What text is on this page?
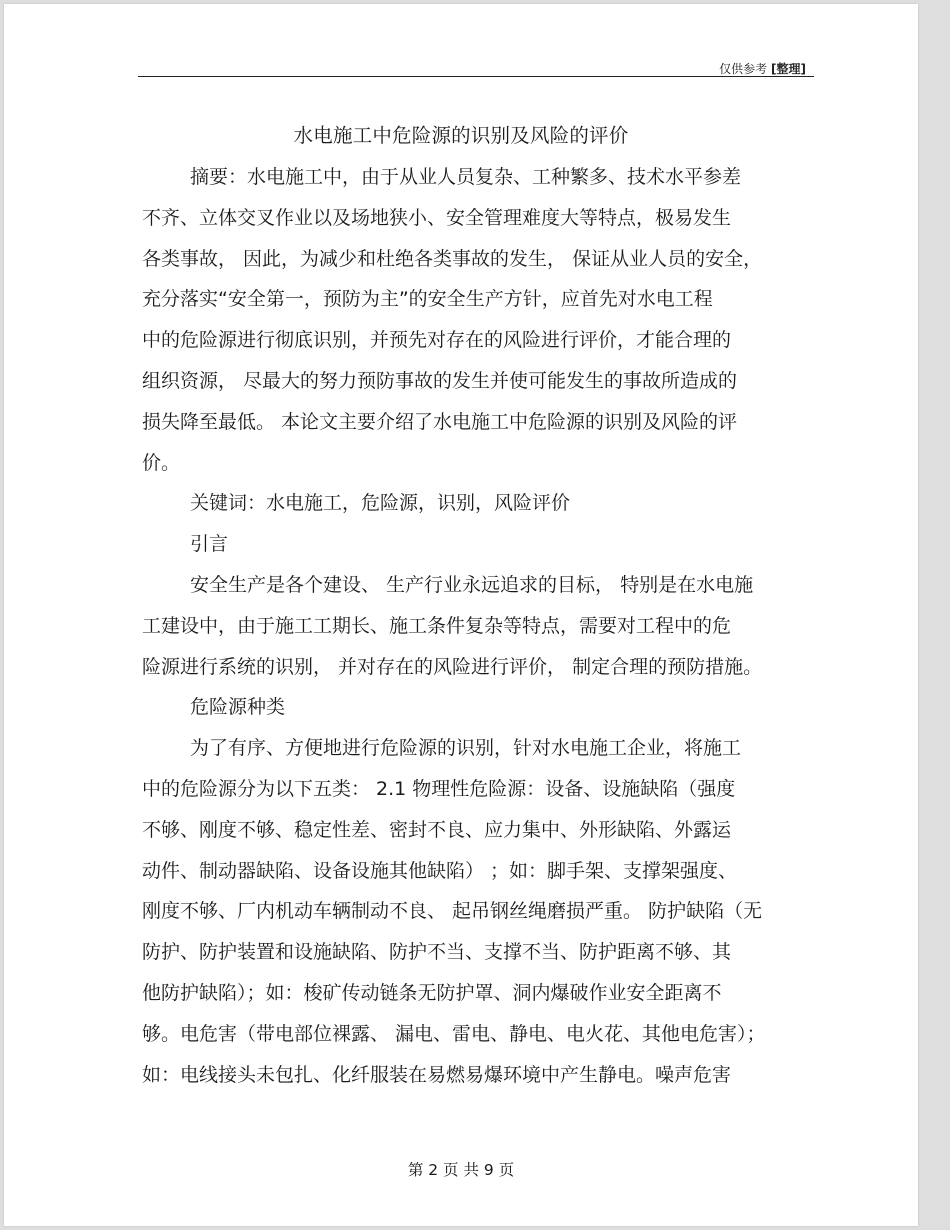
仅供参考 [整理]
水电施工中危险源的识别及风险的评价
摘要：水电施工中，由于从业人员复杂、工种繁多、技术水平参差
不齐、立体交叉作业以及场地狭小、安全管理难度大等特点，极易发生
各类事故， 因此，为减少和杜绝各类事故的发生， 保证从业人员的安全，
充分落实“安全第一，预防为主”的安全生产方针，应首先对水电工程
中的危险源进行彻底识别，并预先对存在的风险进行评价，才能合理的
组织资源， 尽最大的努力预防事故的发生并使可能发生的事故所造成的
损失降至最低。 本论文主要介绍了水电施工中危险源的识别及风险的评
价。
关键词：水电施工，危险源，识别，风险评价
引言
安全生产是各个建设、 生产行业永远追求的目标， 特别是在水电施
工建设中，由于施工工期长、施工条件复杂等特点，需要对工程中的危
险源进行系统的识别， 并对存在的风险进行评价， 制定合理的预防措施。
危险源种类
为了有序、方便地进行危险源的识别，针对水电施工企业，将施工
中的危险源分为以下五类： 2.1 物理性危险源：设备、设施缺陷（强度
不够、刚度不够、稳定性差、密封不良、应力集中、外形缺陷、外露运
动件、制动器缺陷、设备设施其他缺陷） ；如：脚手架、支撑架强度、
刚度不够、厂内机动车辆制动不良、 起吊钢丝绳磨损严重。 防护缺陷（无
防护、防护装置和设施缺陷、防护不当、支撑不当、防护距离不够、其
他防护缺陷）；如：梭矿传动链条无防护罩、洞内爆破作业安全距离不
够。电危害（带电部位裸露、 漏电、雷电、静电、电火花、其他电危害）；
如：电线接头未包扎、化纤服装在易燃易爆环境中产生静电。噪声危害
第 2 页 共 9 页
